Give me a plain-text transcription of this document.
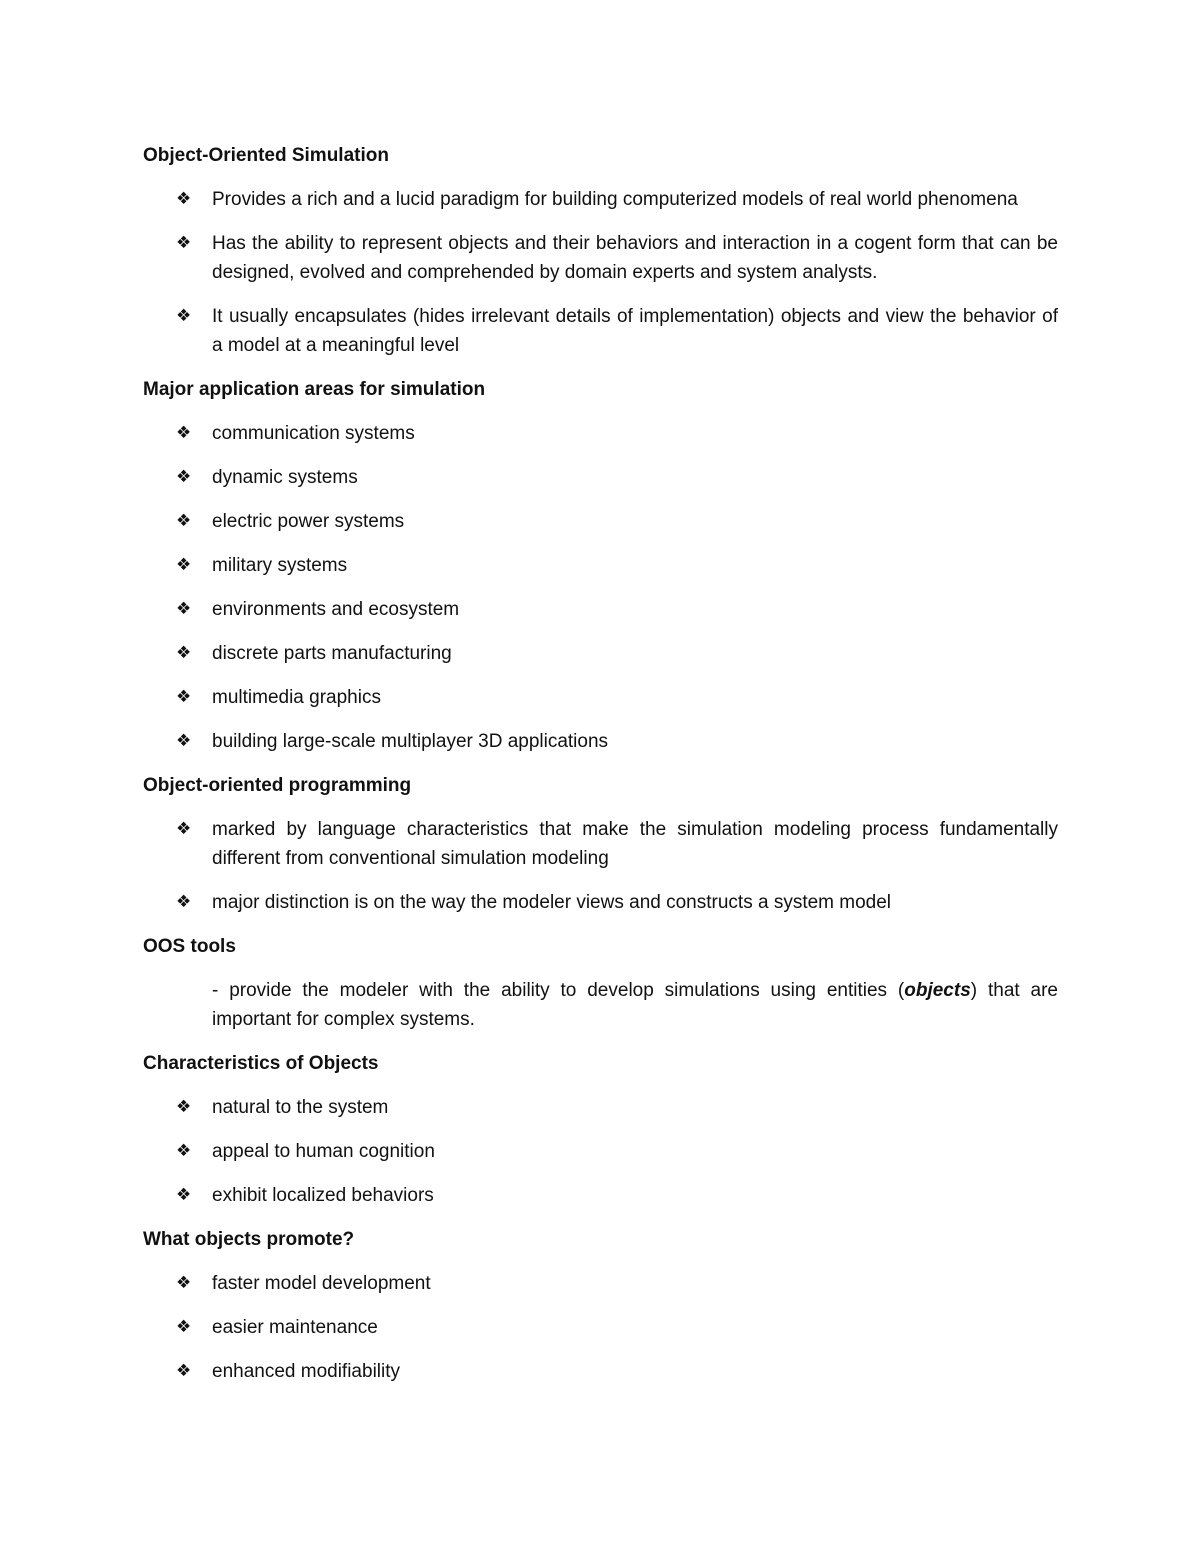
Object-Oriented Simulation
❖	Provides a rich and a lucid paradigm for building computerized models of real world phenomena
❖	Has the ability to represent objects and their behaviors and interaction in a cogent form that can be designed, evolved and comprehended by domain experts and system analysts.
❖	It usually encapsulates (hides irrelevant details of implementation) objects and view the behavior of a model at a meaningful level
Major application areas for simulation
❖	communication systems
❖	dynamic systems
❖	electric power systems
❖	military systems
❖	environments and ecosystem
❖	discrete parts manufacturing
❖	multimedia graphics
❖	building large-scale multiplayer 3D applications
Object-oriented programming
❖	marked by language characteristics that make the simulation modeling process fundamentally different from conventional simulation modeling
❖	major distinction is on the way the modeler views and constructs a system model
OOS tools
- provide the modeler with the ability to develop simulations using entities (objects) that are important for complex systems.
Characteristics of Objects
❖	natural to the system
❖	appeal to human cognition
❖	exhibit localized behaviors
What objects promote?
❖	faster model development
❖	easier maintenance
❖	enhanced modifiability
